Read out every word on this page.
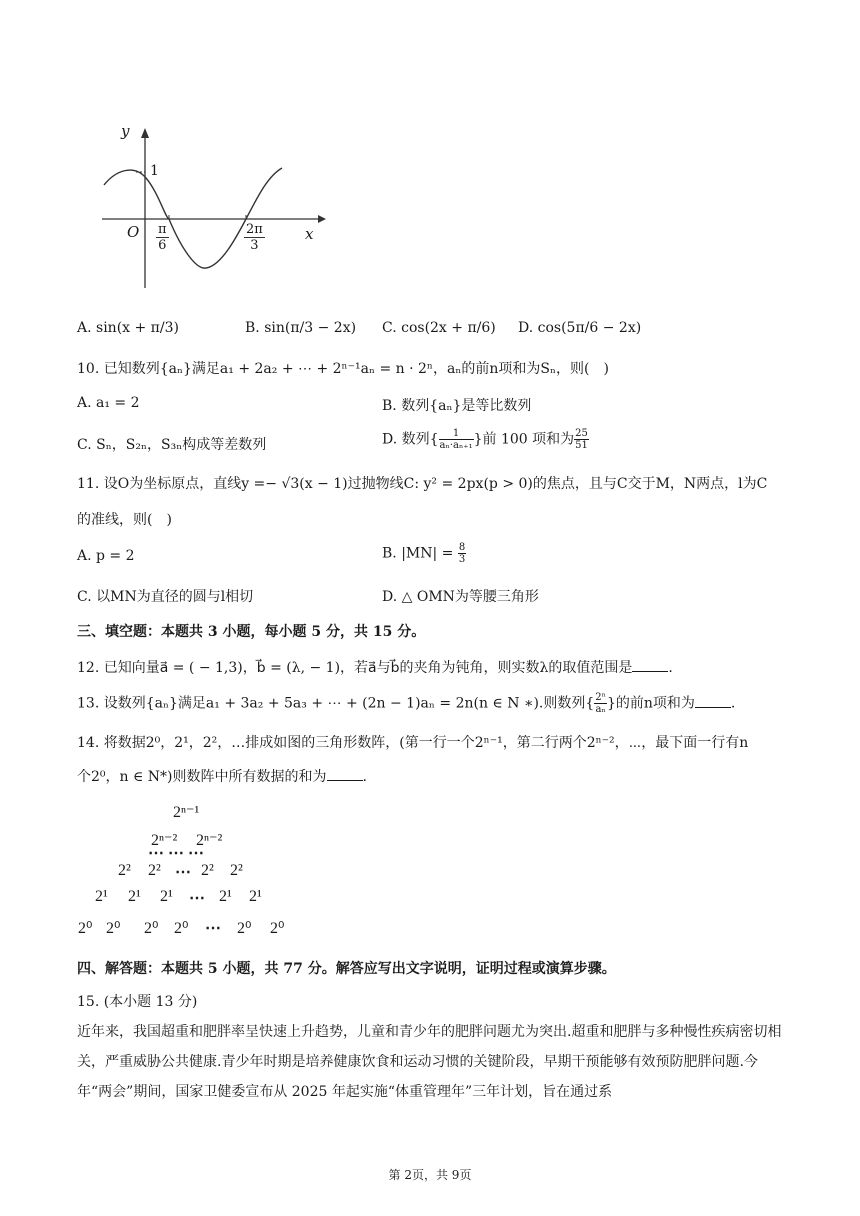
y
x
O
1
π
6
2π
3
A. sin(x + π/3)	B. sin(π/3 − 2x) C. cos(2x + π/6) D. cos(5π/6 − 2x)
10. 已知数列{aₙ}满足a₁ + 2a₂ + ⋯ + 2ⁿ⁻¹aₙ = n · 2ⁿ，aₙ的前n项和为Sₙ，则(　)
A. a₁ = 2	B. 数列{aₙ}是等比数列
C. Sₙ，S₂ₙ，S₃ₙ构成等差数列	D. 数列{ $\frac{1}{\text{aₙ·aₙ₊₁}}$ }前 100 项和为 $\frac{25}{51}$
11. 设O为坐标原点，直线y =− √3(x − 1)过抛物线C: y² = 2px(p > 0)的焦点，且与C交于M，N两点，l为C
的准线，则(　)
A. p = 2	B. $|MN| = \frac{8}{3}$
C. 以MN为直径的圆与l相切	D. △ OMN为等腰三角形
三、填空题：本题共 3 小题，每小题 5 分，共 15 分。
12. 已知向量a⃗ = ( − 1,3)，b⃗ = (λ, − 1)，若a⃗与b⃗的夹角为钝角，则实数λ的取值范围是	.
13. 设数列{aₙ}满足a₁ + 3a₂ + 5a₃ + ⋯ + (2n − 1)aₙ = 2n(n ∈ N ∗).则数列{ $\frac{\text{2ⁿ}}{\text{aₙ}}$ }的前n项和为	.
14. 将数据2⁰，2¹，2²，…排成如图的三角形数阵，(第一行一个2ⁿ⁻¹，第二行两个2ⁿ⁻²，⋯，最下面一行有n
个2⁰，n ∈ N*)则数阵中所有数据的和为	.
2ⁿ⁻¹
2ⁿ⁻² 2ⁿ⁻²
⋯ ⋯ ⋯
2² 2² ⋯ 2² 2²
2¹ 2¹ 2¹ ⋯ 2¹ 2¹
2⁰ 2⁰ 2⁰ 2⁰ ⋯ 2⁰ 2⁰
四、解答题：本题共 5 小题，共 77 分。解答应写出文字说明，证明过程或演算步骤。
15. (本小题 13 分)
近年来，我国超重和肥胖率呈快速上升趋势，儿童和青少年的肥胖问题尤为突出.超重和肥胖与多种慢性疾病密切相关，严重威胁公共健康.青少年时期是培养健康饮食和运动习惯的关键阶段，早期干预能够有效预防肥胖问题.今年“两会”期间，国家卫健委宣布从 2025 年起实施“体重管理年”三年计划，旨在通过系
第 2页，共 9页
